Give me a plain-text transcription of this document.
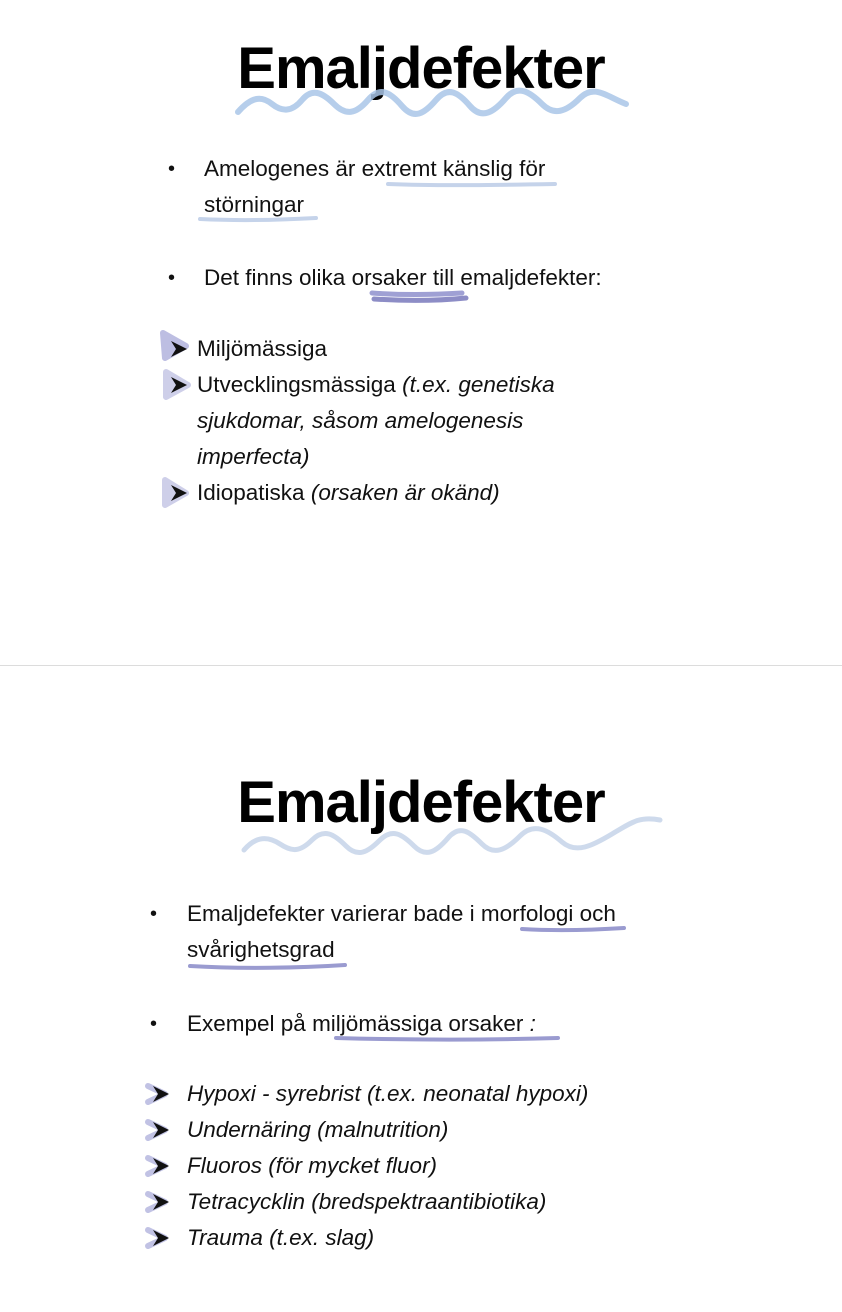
Emaljdefekter
• Amelogenes är extremt känslig för
störningar
• Det finns olika orsaker till emaljdefekter:
Miljömässiga
Utvecklingsmässiga (t.ex. genetiska
sjukdomar, såsom amelogenesis
imperfecta)
Idiopatiska (orsaken är okänd)
Emaljdefekter
• Emaljdefekter varierar bade i morfologi och
svårighetsgrad
• Exempel på miljömässiga orsaker :
Hypoxi - syrebrist (t.ex. neonatal hypoxi)
Undernäring (malnutrition)
Fluoros (för mycket fluor)
Tetracycklin (bredspektraantibiotika)
Trauma (t.ex. slag)
